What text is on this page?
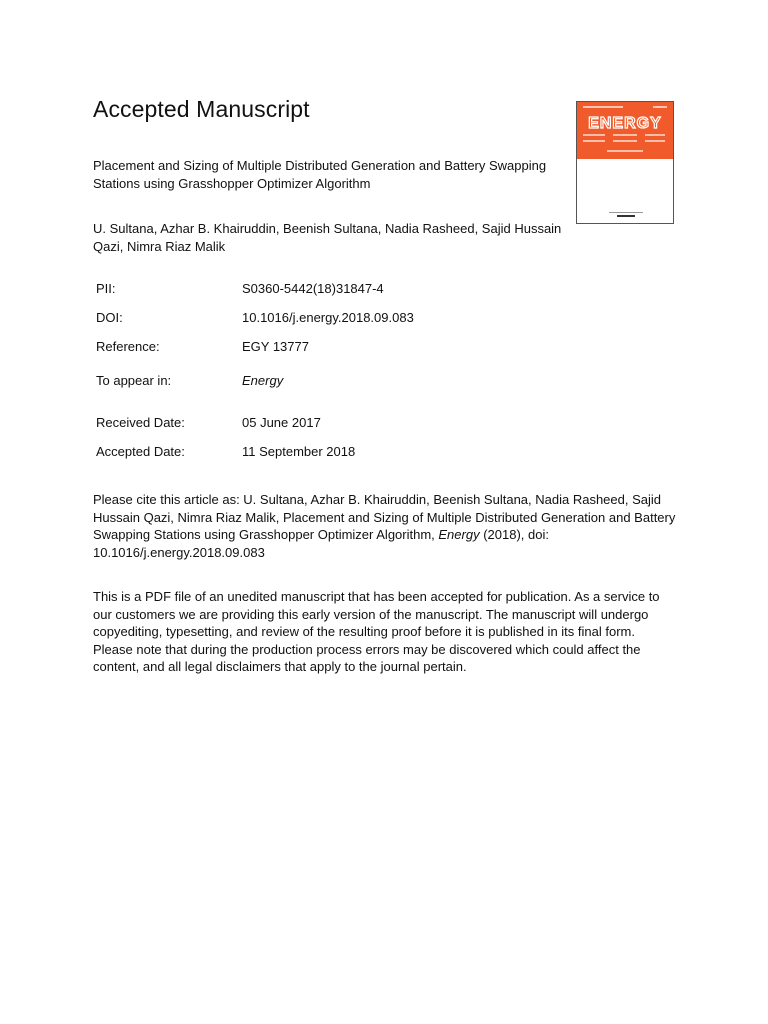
Accepted Manuscript
ENERGY

Placement and Sizing of Multiple Distributed Generation and Battery Swapping Stations using Grasshopper Optimizer Algorithm

U. Sultana, Azhar B. Khairuddin, Beenish Sultana, Nadia Rasheed, Sajid Hussain Qazi, Nimra Riaz Malik

PII:	S0360-5442(18)31847-4
DOI:	10.1016/j.energy.2018.09.083
Reference:	EGY 13777
To appear in:	Energy
Received Date:	05 June 2017
Accepted Date:	11 September 2018

Please cite this article as: U. Sultana, Azhar B. Khairuddin, Beenish Sultana, Nadia Rasheed, Sajid Hussain Qazi, Nimra Riaz Malik, Placement and Sizing of Multiple Distributed Generation and Battery Swapping Stations using Grasshopper Optimizer Algorithm, Energy (2018), doi: 10.1016/j.energy.2018.09.083

This is a PDF file of an unedited manuscript that has been accepted for publication. As a service to our customers we are providing this early version of the manuscript. The manuscript will undergo copyediting, typesetting, and review of the resulting proof before it is published in its final form. Please note that during the production process errors may be discovered which could affect the content, and all legal disclaimers that apply to the journal pertain.
